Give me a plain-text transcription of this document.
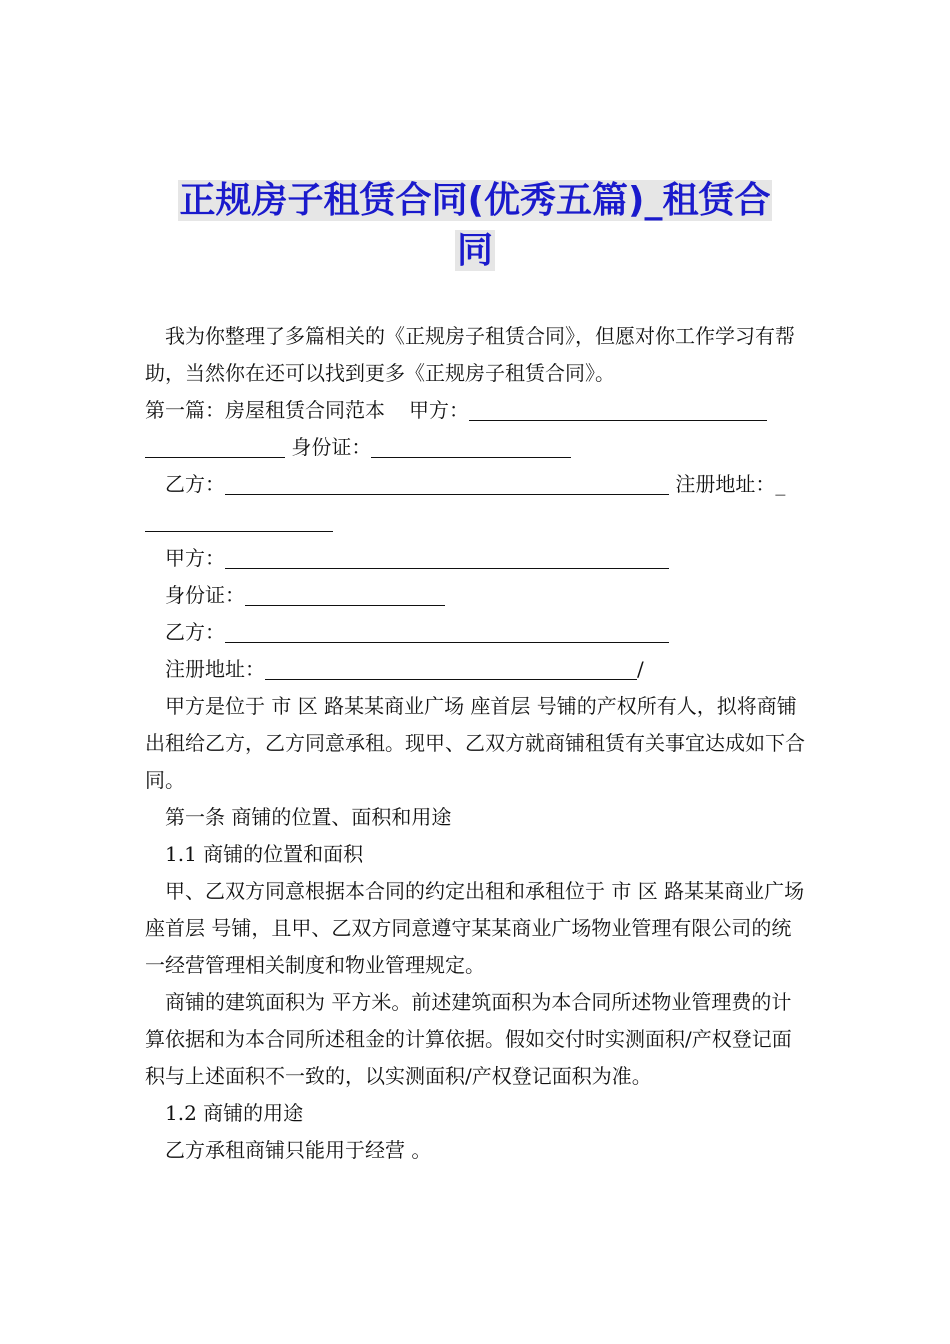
正规房子租赁合同(优秀五篇)_租赁合
同

我为你整理了多篇相关的《正规房子租赁合同》，但愿对你工作学习有帮助，当然你在还可以找到更多《正规房子租赁合同》。

第一篇：房屋租赁合同范本 甲方：
身份证：
乙方：	注册地址：_
甲方：
身份证：
乙方：
注册地址：	/

甲方是位于 市 区 路某某商业广场 座首层 号铺的产权所有人，拟将商铺出租给乙方，乙方同意承租。现甲、乙双方就商铺租赁有关事宜达成如下合同。

第一条 商铺的位置、面积和用途

1.1 商铺的位置和面积

甲、乙双方同意根据本合同的约定出租和承租位于 市 区 路某某商业广场 座首层 号铺，且甲、乙双方同意遵守某某商业广场物业管理有限公司的统一经营管理相关制度和物业管理规定。

商铺的建筑面积为 平方米。前述建筑面积为本合同所述物业管理费的计算依据和为本合同所述租金的计算依据。假如交付时实测面积/产权登记面积与上述面积不一致的，以实测面积/产权登记面积为准。

1.2 商铺的用途

乙方承租商铺只能用于经营 。
